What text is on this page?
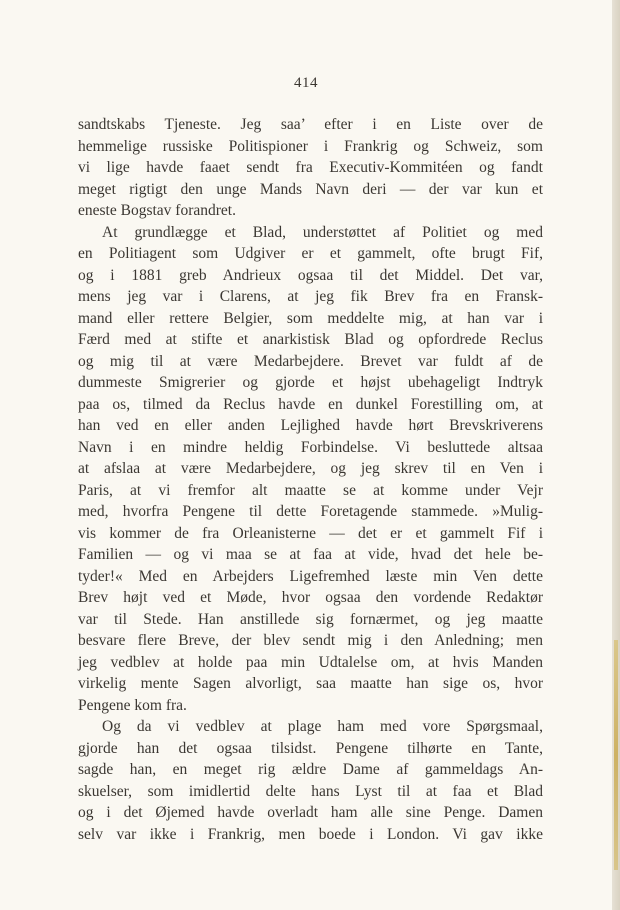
414
sandtskabs Tjeneste. Jeg saa’ efter i en Liste over de
hemmelige russiske Politispioner i Frankrig og Schweiz, som
vi lige havde faaet sendt fra Executiv-Kommitéen og fandt
meget rigtigt den unge Mands Navn deri — der var kun et
eneste Bogstav forandret.
At grundlægge et Blad, understøttet af Politiet og med
en Politiagent som Udgiver er et gammelt, ofte brugt Fif,
og i 1881 greb Andrieux ogsaa til det Middel. Det var,
mens jeg var i Clarens, at jeg fik Brev fra en Fransk-
mand eller rettere Belgier, som meddelte mig, at han var i
Færd med at stifte et anarkistisk Blad og opfordrede Reclus
og mig til at være Medarbejdere. Brevet var fuldt af de
dummeste Smigrerier og gjorde et højst ubehageligt Indtryk
paa os, tilmed da Reclus havde en dunkel Forestilling om, at
han ved en eller anden Lejlighed havde hørt Brevskriverens
Navn i en mindre heldig Forbindelse. Vi besluttede altsaa
at afslaa at være Medarbejdere, og jeg skrev til en Ven i
Paris, at vi fremfor alt maatte se at komme under Vejr
med, hvorfra Pengene til dette Foretagende stammede. »Mulig-
vis kommer de fra Orleanisterne — det er et gammelt Fif i
Familien — og vi maa se at faa at vide, hvad det hele be-
tyder!« Med en Arbejders Ligefremhed læste min Ven dette
Brev højt ved et Møde, hvor ogsaa den vordende Redaktør
var til Stede. Han anstillede sig fornærmet, og jeg maatte
besvare flere Breve, der blev sendt mig i den Anledning; men
jeg vedblev at holde paa min Udtalelse om, at hvis Manden
virkelig mente Sagen alvorligt, saa maatte han sige os, hvor
Pengene kom fra.
Og da vi vedblev at plage ham med vore Spørgsmaal,
gjorde han det ogsaa tilsidst. Pengene tilhørte en Tante,
sagde han, en meget rig ældre Dame af gammeldags An-
skuelser, som imidlertid delte hans Lyst til at faa et Blad
og i det Øjemed havde overladt ham alle sine Penge. Damen
selv var ikke i Frankrig, men boede i London. Vi gav ikke
